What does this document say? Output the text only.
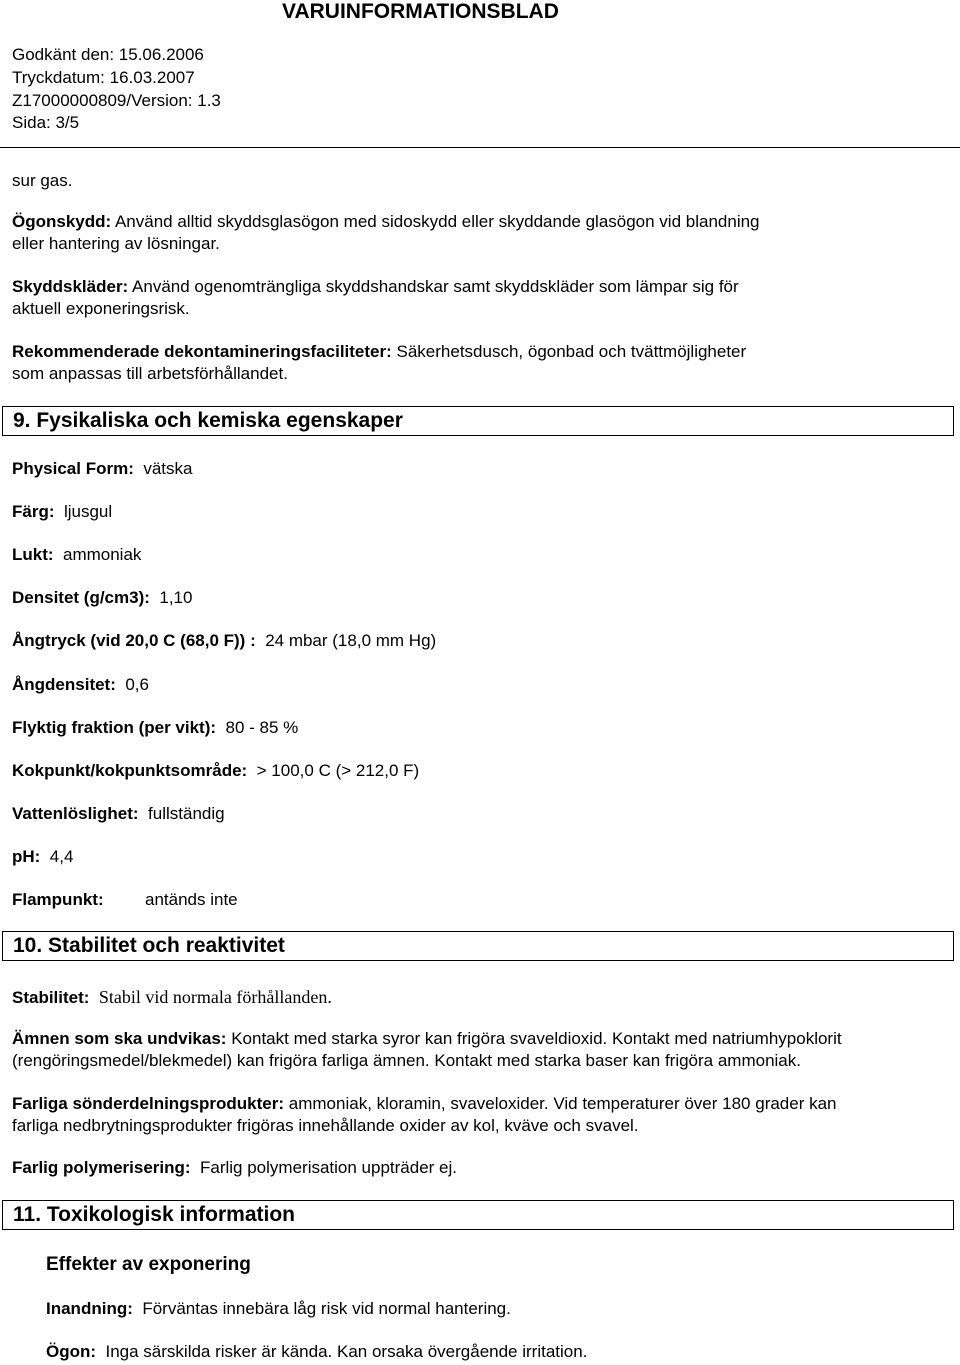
VARUINFORMATIONSBLAD
Godkänt den: 15.06.2006
Tryckdatum: 16.03.2007
Z17000000809/Version: 1.3
Sida: 3/5
sur gas.
Ögonskydd: Använd alltid skyddsglasögon med sidoskydd eller skyddande glasögon vid blandning
eller hantering av lösningar.
Skyddskläder: Använd ogenomträngliga skyddshandskar samt skyddskläder som lämpar sig för
aktuell exponeringsrisk.
Rekommenderade dekontamineringsfaciliteter: Säkerhetsdusch, ögonbad och tvättmöjligheter
som anpassas till arbetsförhållandet.
9. Fysikaliska och kemiska egenskaper
Physical Form: vätska
Färg: ljusgul
Lukt: ammoniak
Densitet (g/cm3): 1,10
Ångtryck (vid 20,0 C (68,0 F)) : 24 mbar (18,0 mm Hg)
Ångdensitet: 0,6
Flyktig fraktion (per vikt): 80 - 85 %
Kokpunkt/kokpunktsområde: > 100,0 C (> 212,0 F)
Vattenlöslighet: fullständig
pH: 4,4
Flampunkt: antänds inte
10. Stabilitet och reaktivitet
Stabilitet: Stabil vid normala förhållanden.
Ämnen som ska undvikas: Kontakt med starka syror kan frigöra svaveldioxid. Kontakt med natriumhypoklorit
(rengöringsmedel/blekmedel) kan frigöra farliga ämnen. Kontakt med starka baser kan frigöra ammoniak.
Farliga sönderdelningsprodukter: ammoniak, kloramin, svaveloxider. Vid temperaturer över 180 grader kan
farliga nedbrytningsprodukter frigöras innehållande oxider av kol, kväve och svavel.
Farlig polymerisering: Farlig polymerisation uppträder ej.
11. Toxikologisk information
Effekter av exponering
Inandning: Förväntas innebära låg risk vid normal hantering.
Ögon: Inga särskilda risker är kända. Kan orsaka övergående irritation.
